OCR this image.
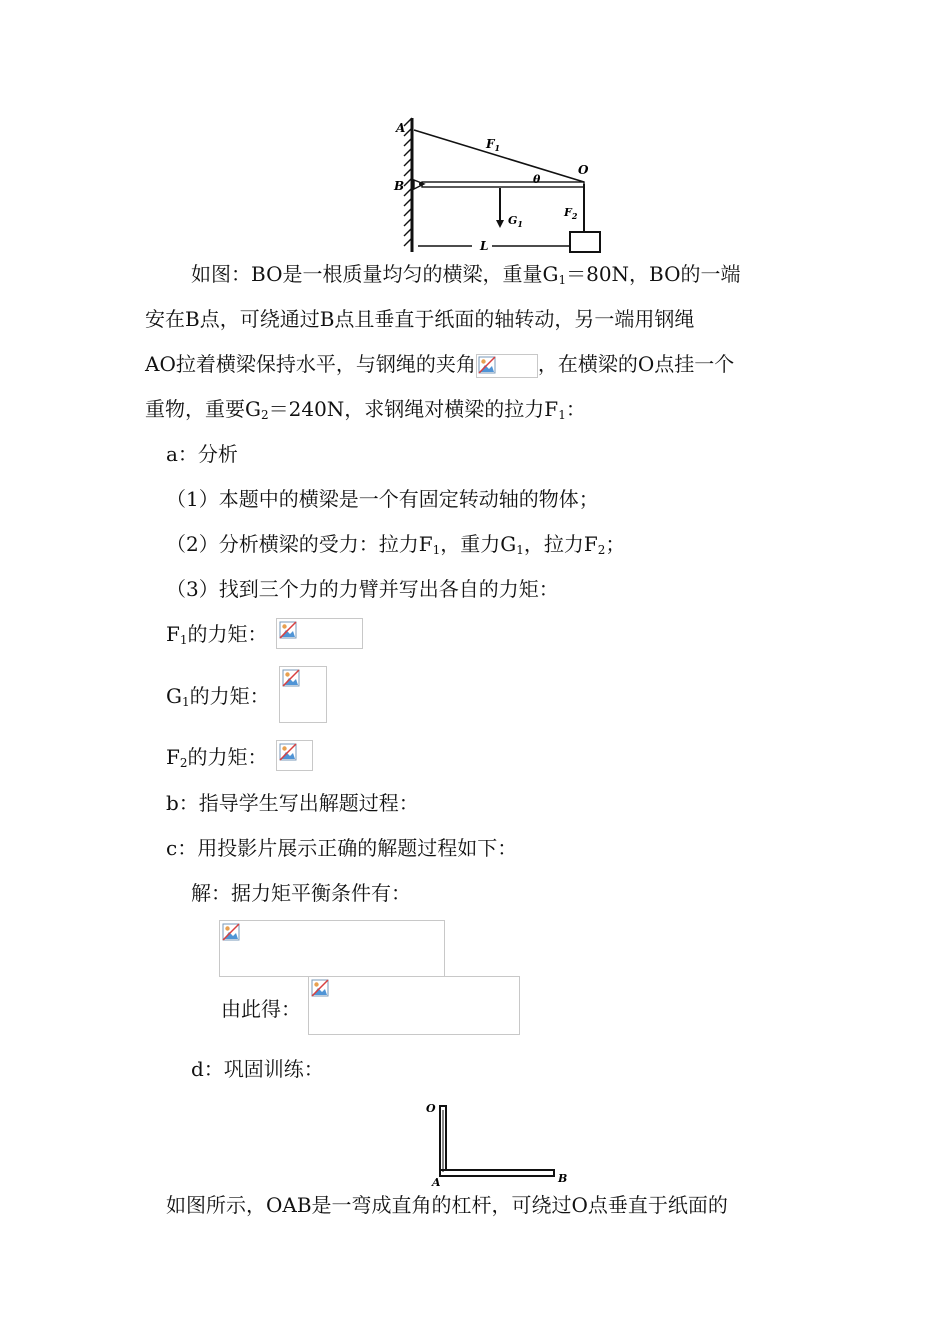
A
B
O
$F_1$
θ
$G_1$
$F_2$
L
如图：BO是一根质量均匀的横梁，重量$G_1=80N$，BO的一端
安在B点，可绕通过B点且垂直于纸面的轴转动，另一端用钢绳
AO拉着横梁保持水平，与钢绳的夹角	，在横梁的O点挂一个
重物，重要$G_2=240N$，求钢绳对横梁的拉力$F_1$：
a：分析
（1）本题中的横梁是一个有固定转动轴的物体；
（2）分析横梁的受力：拉力$F_1$，重力$G_1$，拉力$F_2$；
（3）找到三个力的力臂并写出各自的力矩：
$F_1$的力矩：
$G_1$的力矩：
$F_2$的力矩：
b：指导学生写出解题过程：
c：用投影片展示正确的解题过程如下：
解：据力矩平衡条件有：
由此得：
d：巩固训练：
O
A	B
如图所示，OAB是一弯成直角的杠杆，可绕过O点垂直于纸面的
